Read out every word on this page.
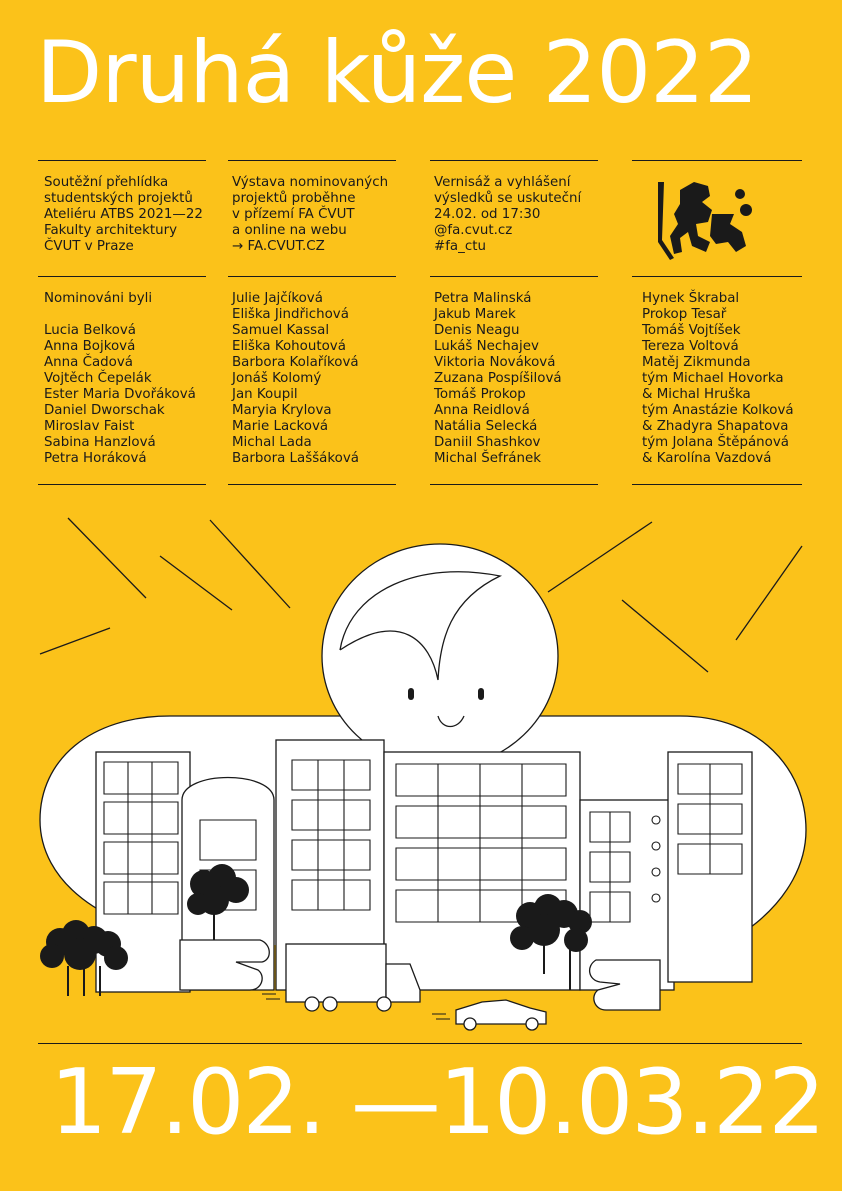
Druhá kůže 2022

Soutěžní přehlídka

studentských projektů

Ateliéru ATBS 2021—22

Fakulty architektury

ČVUT v Praze

Výstava nominovaných

projektů proběhne

v přízemí FA ČVUT

a online na webu

→ FA.CVUT.CZ

Vernisáž a vyhlášení

výsledků se uskuteční

24.02. od 17:30

@fa.cvut.cz

#fa_ctu

Nominováni byli

Lucia Belková
Anna Bojková
Anna Čadová
Vojtěch Čepelák
Ester Maria Dvořáková
Daniel Dworschak
Miroslav Faist
Sabina Hanzlová
Petra Horáková
Julie Jajčíková
Eliška Jindřichová
Samuel Kassal
Eliška Kohoutová
Barbora Kolaříková
Jonáš Kolomý
Jan Koupil
Maryia Krylova
Marie Lacková
Michal Lada
Barbora Laššáková
Petra Malinská
Jakub Marek
Denis Neagu
Lukáš Nechajev
Viktoria Nováková
Zuzana Pospíšilová
Tomáš Prokop
Anna Reidlová
Natália Selecká
Daniil Shashkov
Michal Šefránek
Hynek Škrabal
Prokop Tesař
Tomáš Vojtíšek
Tereza Voltová
Matěj Zikmunda
tým Michael Hovorka
& Michal Hruška
tým Anastázie Kolková
& Zhadyra Shapatova
tým Jolana Štěpánová
& Karolína Vazdová
17.02. —10.03.22
